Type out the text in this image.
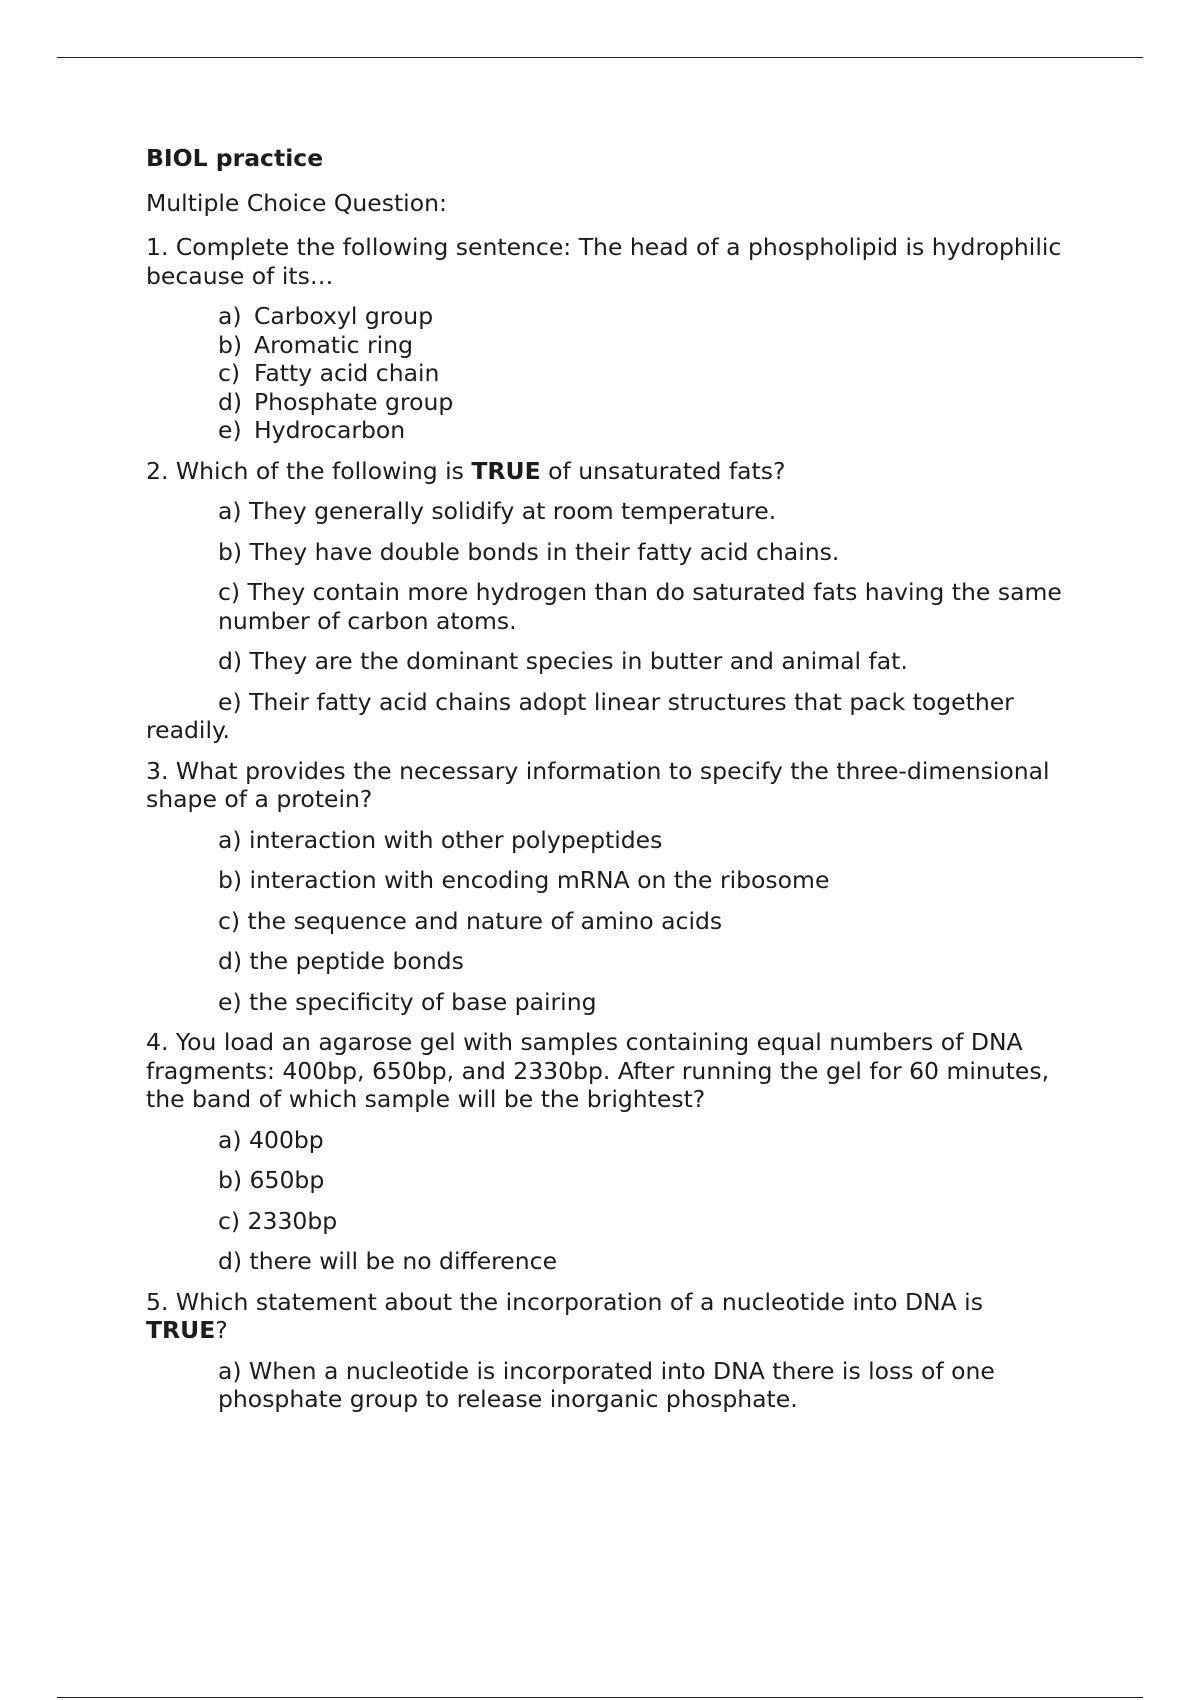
BIOL practice
Multiple Choice Question:
1. Complete the following sentence: The head of a phospholipid is hydrophilic because of its…
a) Carboxyl group
b) Aromatic ring
c) Fatty acid chain
d) Phosphate group
e) Hydrocarbon
2. Which of the following is TRUE of unsaturated fats?
a) They generally solidify at room temperature.
b) They have double bonds in their fatty acid chains.
c) They contain more hydrogen than do saturated fats having the same number of carbon atoms.
d) They are the dominant species in butter and animal fat.
e) Their fatty acid chains adopt linear structures that pack together readily.
3. What provides the necessary information to specify the three-dimensional shape of a protein?
a) interaction with other polypeptides
b) interaction with encoding mRNA on the ribosome
c) the sequence and nature of amino acids
d) the peptide bonds
e) the specificity of base pairing
4. You load an agarose gel with samples containing equal numbers of DNA fragments: 400bp, 650bp, and 2330bp. After running the gel for 60 minutes, the band of which sample will be the brightest?
a) 400bp
b) 650bp
c) 2330bp
d) there will be no difference
5. Which statement about the incorporation of a nucleotide into DNA is TRUE?
a) When a nucleotide is incorporated into DNA there is loss of one phosphate group to release inorganic phosphate.
